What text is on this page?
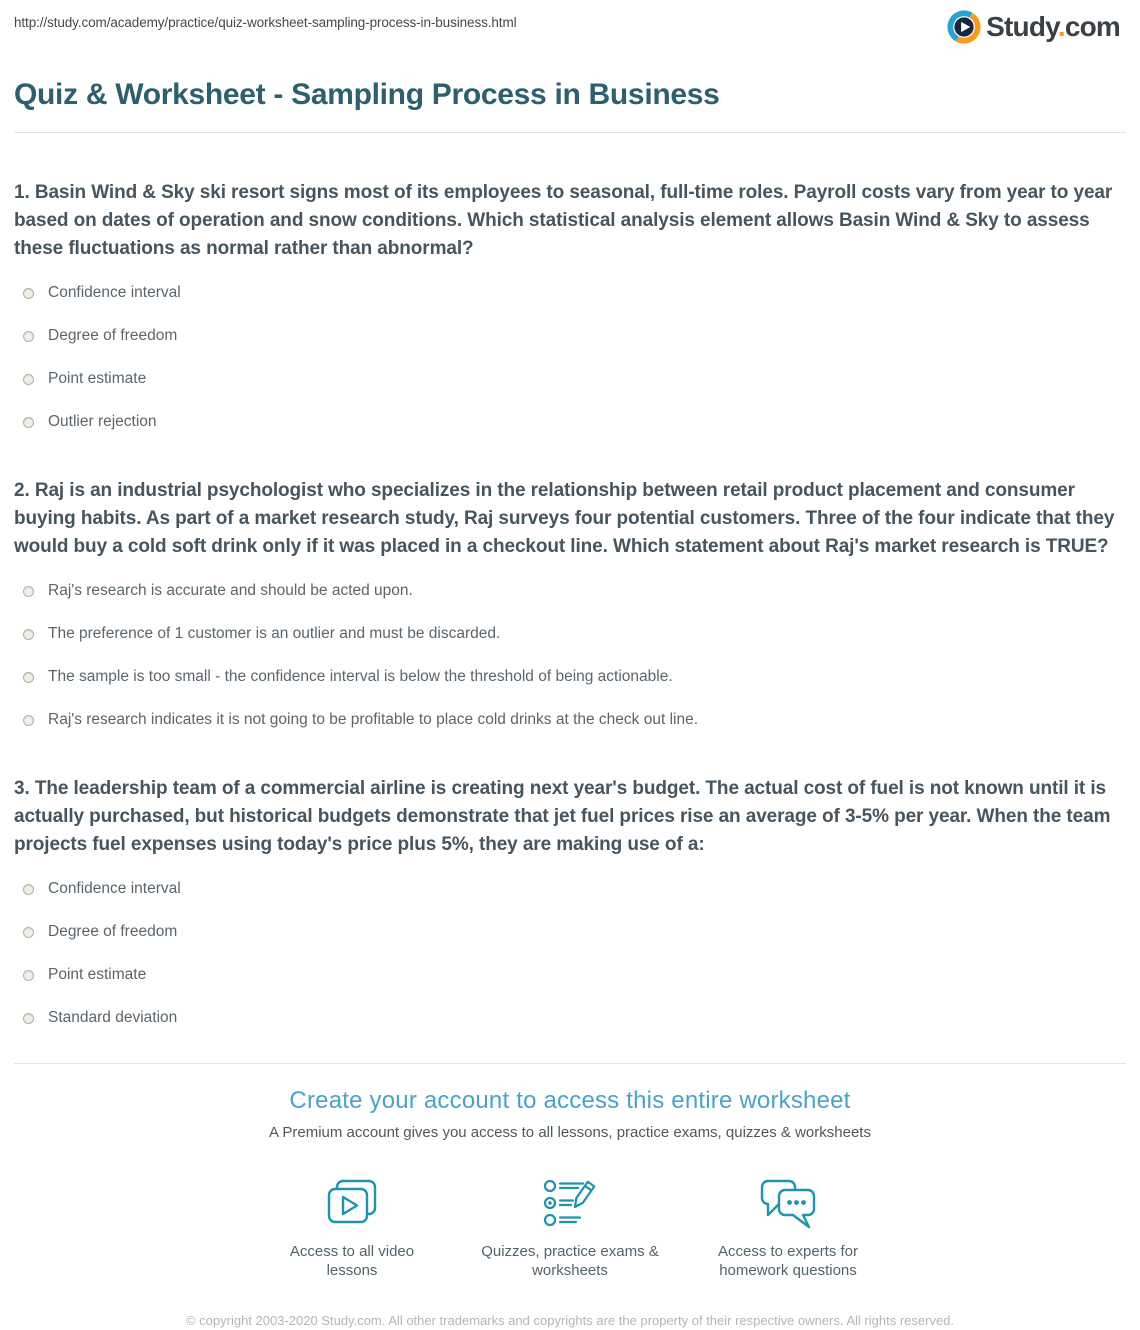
http://study.com/academy/practice/quiz-worksheet-sampling-process-in-business.html	Study.com
Quiz & Worksheet - Sampling Process in Business

1. Basin Wind & Sky ski resort signs most of its employees to seasonal, full-time roles. Payroll costs vary from year to year based on dates of operation and snow conditions. Which statistical analysis element allows Basin Wind & Sky to assess these fluctuations as normal rather than abnormal?

Confidence interval
Degree of freedom
Point estimate
Outlier rejection

2. Raj is an industrial psychologist who specializes in the relationship between retail product placement and consumer buying habits. As part of a market research study, Raj surveys four potential customers. Three of the four indicate that they would buy a cold soft drink only if it was placed in a checkout line. Which statement about Raj's market research is TRUE?

Raj's research is accurate and should be acted upon.
The preference of 1 customer is an outlier and must be discarded.
The sample is too small - the confidence interval is below the threshold of being actionable.
Raj's research indicates it is not going to be profitable to place cold drinks at the check out line.

3. The leadership team of a commercial airline is creating next year's budget. The actual cost of fuel is not known until it is actually purchased, but historical budgets demonstrate that jet fuel prices rise an average of 3-5% per year. When the team projects fuel expenses using today's price plus 5%, they are making use of a:

Confidence interval
Degree of freedom
Point estimate
Standard deviation
Create your account to access this entire worksheet
A Premium account gives you access to all lessons, practice exams, quizzes & worksheets
Access to all video lessons
Quizzes, practice exams & worksheets
Access to experts for homework questions
© copyright 2003-2020 Study.com. All other trademarks and copyrights are the property of their respective owners. All rights reserved.
